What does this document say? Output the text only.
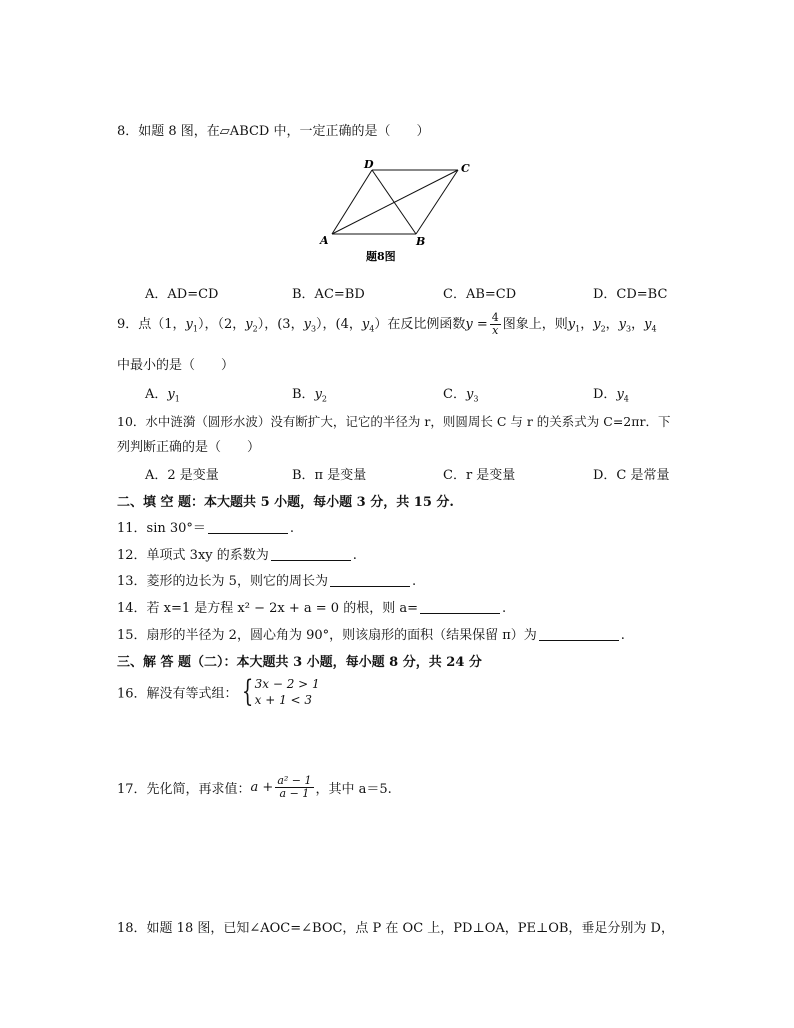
8．如题 8 图，在▱ABCD 中，一定正确的是（　　）
D	C
A	B
题8图
A．AD=CD	B．AC=BD	C．AB=CD	D．CD=BC
9．点（1，$y_1$），（2，$y_2$），(3，$y_3$），(4，$y_4$）在反比例函数$y = \frac{4}{x}$ 图象上，则$y_1$，$y_2$，$y_3$，$y_4$
中最小的是（　　）
A．$y_1$	B．$y_2$	C．$y_3$	D．$y_4$
10．水中涟漪（圆形水波）没有断扩大，记它的半径为 r，则圆周长 C 与 r 的关系式为 C=2πr．下
列判断正确的是（　　）
A．2 是变量	B．π 是变量	C．r 是变量	D．C 是常量
二、填 空 题：本大题共 5 小题，每小题 3 分，共 15 分.
11．sin 30°＝	.
12．单项式 3xy 的系数为	.
13．菱形的边长为 5，则它的周长为	.
14．若 x=1 是方程 x² − 2x + a = 0 的根，则 a=	.
15．扇形的半径为 2，圆心角为 90°，则该扇形的面积（结果保留 π）为	.
三、解 答 题（二）：本大题共 3 小题，每小题 8 分，共 24 分
16．解没有等式组： { 3x − 2 > 1
x + 1 < 3
17．先化简，再求值：$a + \frac{\text{a² − 1}}{a - 1}$ ，其中 a＝5.
18．如题 18 图，已知∠AOC=∠BOC，点 P 在 OC 上，PD⊥OA，PE⊥OB，垂足分别为 D，
